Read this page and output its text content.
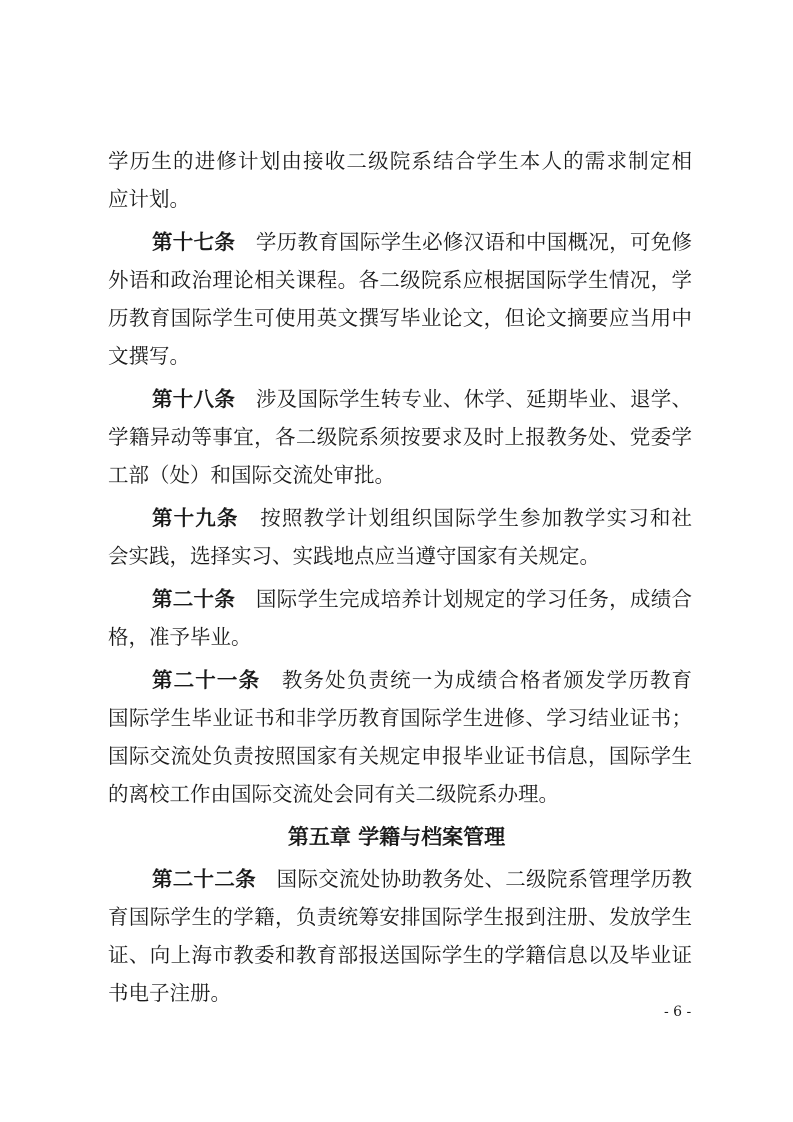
学历生的进修计划由接收二级院系结合学生本人的需求制定相
应计划。
第十七条　学历教育国际学生必修汉语和中国概况，可免修
外语和政治理论相关课程。各二级院系应根据国际学生情况，学
历教育国际学生可使用英文撰写毕业论文，但论文摘要应当用中
文撰写。
第十八条　涉及国际学生转专业、休学、延期毕业、退学、
学籍异动等事宜，各二级院系须按要求及时上报教务处、党委学
工部（处）和国际交流处审批。
第十九条　按照教学计划组织国际学生参加教学实习和社
会实践，选择实习、实践地点应当遵守国家有关规定。
第二十条　国际学生完成培养计划规定的学习任务，成绩合
格，准予毕业。
第二十一条　教务处负责统一为成绩合格者颁发学历教育
国际学生毕业证书和非学历教育国际学生进修、学习结业证书；
国际交流处负责按照国家有关规定申报毕业证书信息，国际学生
的离校工作由国际交流处会同有关二级院系办理。
第五章 学籍与档案管理
第二十二条　国际交流处协助教务处、二级院系管理学历教
育国际学生的学籍，负责统筹安排国际学生报到注册、发放学生
证、向上海市教委和教育部报送国际学生的学籍信息以及毕业证
书电子注册。
- 6 -
